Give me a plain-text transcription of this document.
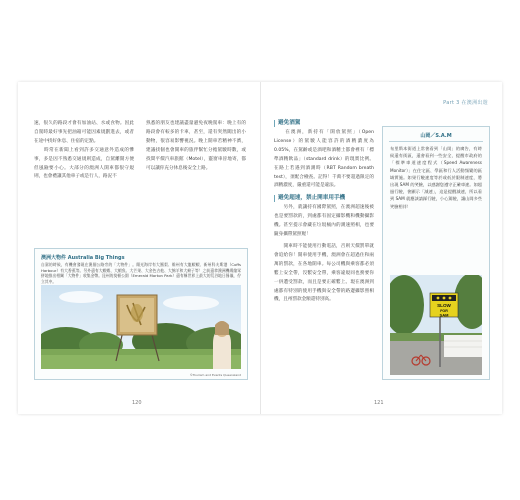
Part 3 在澳洲出遊

速，很久的路段才會有加油站、水或食物。因此自駕時最好事先把油箱可能因素規劃進去，或者在途中找好休息、住宿的定點。
　　時常在新聞上看到許多交通意外造成的慘事，多是因不熟悉交通規則造成，自駕離開方便但風險要小心。大部分的澳洲人開車都很守規則，也會禮讓其他車子或是行人，路況不

熟悉的朋友也建議盡量避免夜晚駕車：晚上有的路段會有較多的卡車，甚至，還有突然闖出的小動物，很容易影響視況。晚上開車若精神不濟，建議找個也會開車的旅伴幫忙分擔駕駛時數，或找間平價汽車旅館（Motel），靈窗車晉地寄，都可以讓你充分休息後安全上路。

澳洲大物件 Australia Big Things
自駕的時候，有機會發現在澳個公路旁的「大物件」。陽光海岸有大鳳梨、維州有大龍蝦蝦、新州科夫斯港（Coffs Harbour）有大香蕉等。另外還有大蝦蝦、大蝦魚、大芒果、大金色吉他、大綿羊和大螃子等！之前還拿澳洲機場縮眾拼地推出相關「大物件」收集金幣。昆州的莫頓公園（Emerald Morton Park）還有稱世界上最大的荒谷地日晷儀，佇立其中。
©Tourism and Events Queensland
避免酒駕

　　在澳洲，新持有「開放駕照」（Open License）的駕駛人能容許的酒精濃度為 0.05%，在駕齡或是酒吧和酒精土都會裡有「標準酒精飲品」（standard drink）的現實比例。在路上若遇到酒測時（RBT Random breath test），須配合檢查。記得！千萬不要超過限定的酒精濃度，嚴重還可能是違法。

避免超速，禁止開車用手機

　　另外，就讓持有國際駕照，在澳洲超速後被也是要罰款的，到處都有固定攝影機和機動攝影機。甚至提示會藏在垃圾桶內的測速照相，也要隨身攜帶駕照喔！

　　開車時不能使用行動電話，否則天價罰單就會追給你！開車使用手機，澳洲會在超過住和兩萬的罰款，在各地開車。每公司機與乘客都必須繫上安全帶，沒繫安全帶，乘客違規同也務要你一併遭受罰款，而且是要正確繫上。現在澳洲到處都有特別的使用手機與安全帶的路邊攝影照相機，且州罰款金額還特別高。

山岡／S.A.M
布里斯本街道上常會看到「山岡」的廣告，有時候還有街區，還會看到一些安全，提醒市政府的「標準車道速度程式（Speed Awareness Monitor）」在住宅區、學區和行人活動頻繁的區域實施。如果行駛速度等於或低於限制速度，將出現 SAM 的笑臉，以感謝您遵守正確車速。如超過行駛，會顯示「減速」，這是提醒減速，所以看到 SAM 就應該請踩行駛，小心駕駛，讓山岡多些笑臉相伴！
SLOW
FOR
SAM
120	121
